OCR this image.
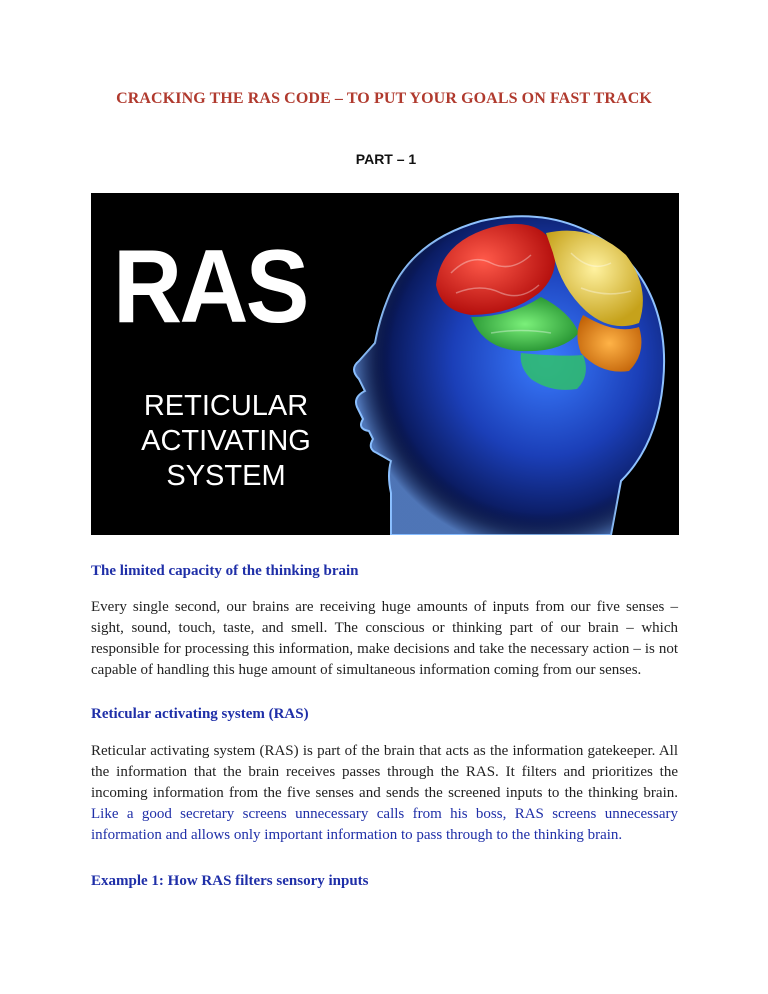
CRACKING THE RAS CODE – TO PUT YOUR GOALS ON FAST TRACK
PART – 1
RAS
RETICULAR
ACTIVATING
SYSTEM
The limited capacity of the thinking brain
Every single second, our brains are receiving huge amounts of inputs from our five senses – sight, sound, touch, taste, and smell. The conscious or thinking part of our brain – which responsible for processing this information, make decisions and take the necessary action – is not capable of handling this huge amount of simultaneous information coming from our senses.
Reticular activating system (RAS)
Reticular activating system (RAS) is part of the brain that acts as the information gatekeeper. All the information that the brain receives passes through the RAS. It filters and prioritizes the incoming information from the five senses and sends the screened inputs to the thinking brain. Like a good secretary screens unnecessary calls from his boss, RAS screens unnecessary information and allows only important information to pass through to the thinking brain.
Example 1: How RAS filters sensory inputs
